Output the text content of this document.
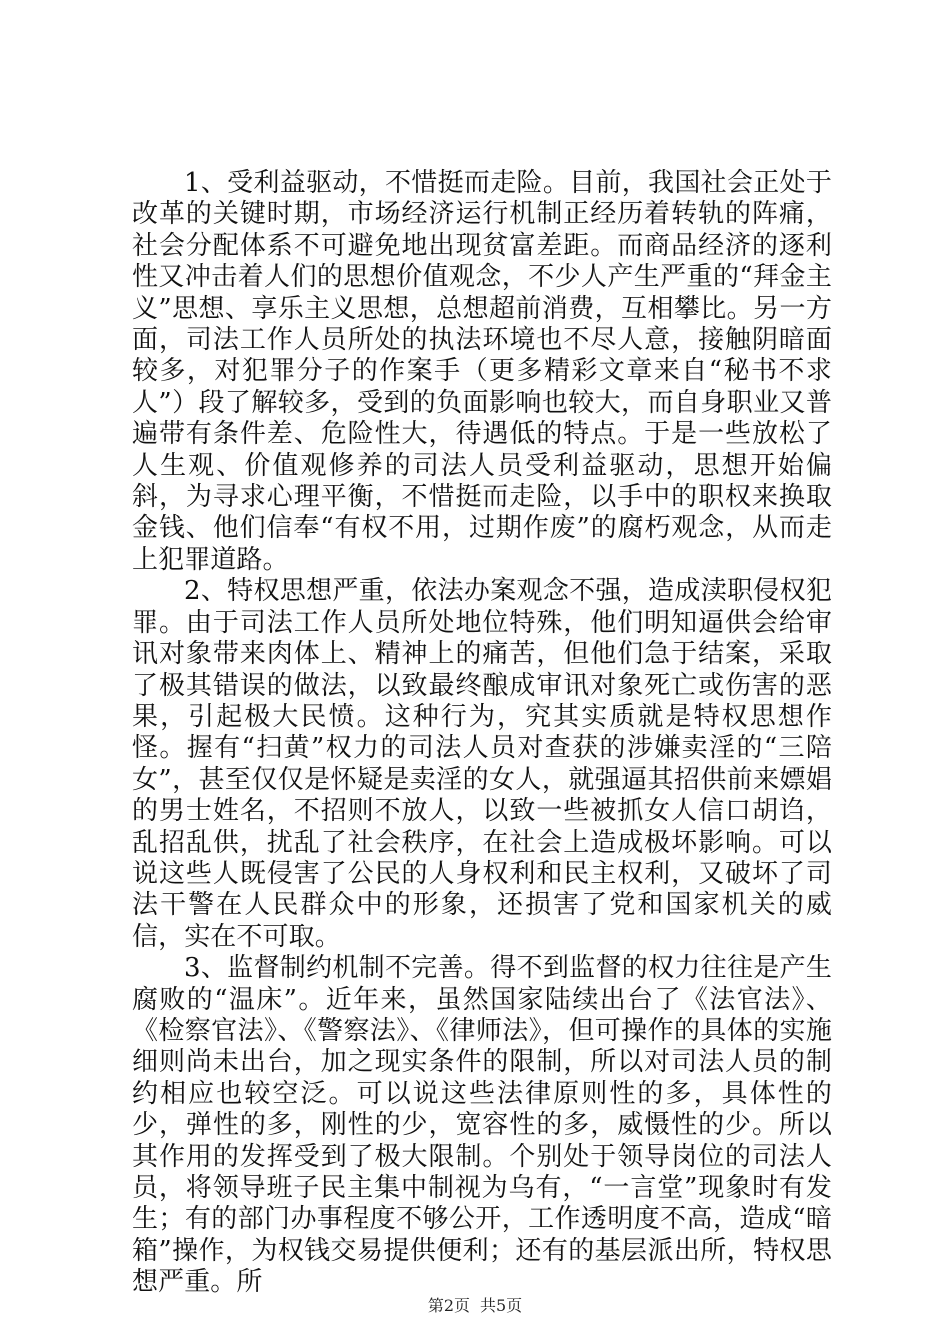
1、受利益驱动，不惜挺而走险。目前，我国社会正处于改革的关键时期，市场经济运行机制正经历着转轨的阵痛，社会分配体系不可避免地出现贫富差距。而商品经济的逐利性又冲击着人们的思想价值观念，不少人产生严重的“拜金主义”思想、享乐主义思想，总想超前消费，互相攀比。另一方面，司法工作人员所处的执法环境也不尽人意，接触阴暗面较多，对犯罪分子的作案手（更多精彩文章来自“秘书不求人”）段了解较多，受到的负面影响也较大，而自身职业又普遍带有条件差、危险性大，待遇低的特点。于是一些放松了人生观、价值观修养的司法人员受利益驱动，思想开始偏斜，为寻求心理平衡，不惜挺而走险，以手中的职权来换取金钱、他们信奉“有权不用，过期作废”的腐朽观念，从而走上犯罪道路。

2、特权思想严重，依法办案观念不强，造成渎职侵权犯罪。由于司法工作人员所处地位特殊，他们明知逼供会给审讯对象带来肉体上、精神上的痛苦，但他们急于结案，采取了极其错误的做法，以致最终酿成审讯对象死亡或伤害的恶果，引起极大民愤。这种行为，究其实质就是特权思想作怪。握有“扫黄”权力的司法人员对查获的涉嫌卖淫的“三陪女”，甚至仅仅是怀疑是卖淫的女人，就强逼其招供前来嫖娼的男士姓名，不招则不放人，以致一些被抓女人信口胡诌，乱招乱供，扰乱了社会秩序，在社会上造成极坏影响。可以说这些人既侵害了公民的人身权利和民主权利，又破坏了司法干警在人民群众中的形象，还损害了党和国家机关的威信，实在不可取。

3、监督制约机制不完善。得不到监督的权力往往是产生腐败的“温床”。近年来，虽然国家陆续出台了《法官法》、《检察官法》、《警察法》、《律师法》，但可操作的具体的实施细则尚未出台，加之现实条件的限制，所以对司法人员的制约相应也较空泛。可以说这些法律原则性的多，具体性的少，弹性的多，刚性的少，宽容性的多，威慑性的少。所以其作用的发挥受到了极大限制。个别处于领导岗位的司法人员，将领导班子民主集中制视为乌有，“一言堂”现象时有发生；有的部门办事程度不够公开，工作透明度不高，造成“暗箱”操作，为权钱交易提供便利；还有的基层派出所，特权思想严重。所

第2页 共5页
